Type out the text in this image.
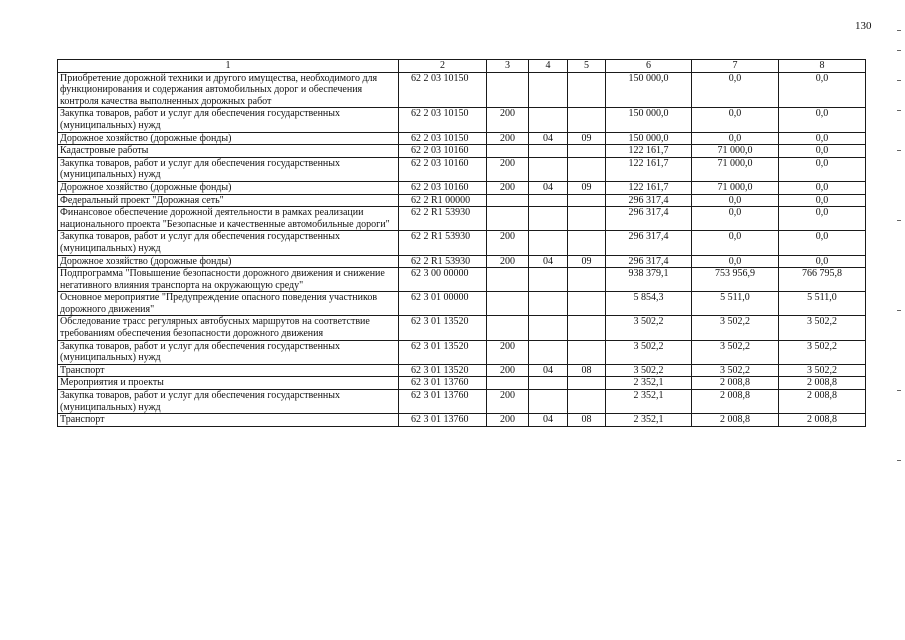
130
1	2	3	4	5	6	7	8
Приобретение дорожной техники и другого имущества, необходимого для функционирования и содержания автомобильных дорог и обеспечения контроля качества выполненных дорожных работ	62 2 03 10150				150 000,0	0,0	0,0
Закупка товаров, работ и услуг для обеспечения государственных (муниципальных) нужд	62 2 03 10150	200			150 000,0	0,0	0,0
Дорожное хозяйство (дорожные фонды)	62 2 03 10150	200	04	09	150 000,0	0,0	0,0
Кадастровые работы	62 2 03 10160				122 161,7	71 000,0	0,0
Закупка товаров, работ и услуг для обеспечения государственных (муниципальных) нужд	62 2 03 10160	200			122 161,7	71 000,0	0,0
Дорожное хозяйство (дорожные фонды)	62 2 03 10160	200	04	09	122 161,7	71 000,0	0,0
Федеральный проект "Дорожная сеть"	62 2 R1 00000				296 317,4	0,0	0,0
Финансовое обеспечение дорожной деятельности в рамках реализации национального проекта "Безопасные и качественные автомобильные дороги"	62 2 R1 53930				296 317,4	0,0	0,0
Закупка товаров, работ и услуг для обеспечения государственных (муниципальных) нужд	62 2 R1 53930	200			296 317,4	0,0	0,0
Дорожное хозяйство (дорожные фонды)	62 2 R1 53930	200	04	09	296 317,4	0,0	0,0
Подпрограмма "Повышение безопасности дорожного движения и снижение негативного влияния транспорта на окружающую среду"	62 3 00 00000				938 379,1	753 956,9	766 795,8
Основное мероприятие "Предупреждение опасного поведения участников дорожного движения"	62 3 01 00000				5 854,3	5 511,0	5 511,0
Обследование трасс регулярных автобусных маршрутов на соответствие требованиям обеспечения безопасности дорожного движения	62 3 01 13520				3 502,2	3 502,2	3 502,2
Закупка товаров, работ и услуг для обеспечения государственных (муниципальных) нужд	62 3 01 13520	200			3 502,2	3 502,2	3 502,2
Транспорт	62 3 01 13520	200	04	08	3 502,2	3 502,2	3 502,2
Мероприятия и проекты	62 3 01 13760				2 352,1	2 008,8	2 008,8
Закупка товаров, работ и услуг для обеспечения государственных (муниципальных) нужд	62 3 01 13760	200			2 352,1	2 008,8	2 008,8
Транспорт	62 3 01 13760	200	04	08	2 352,1	2 008,8	2 008,8
